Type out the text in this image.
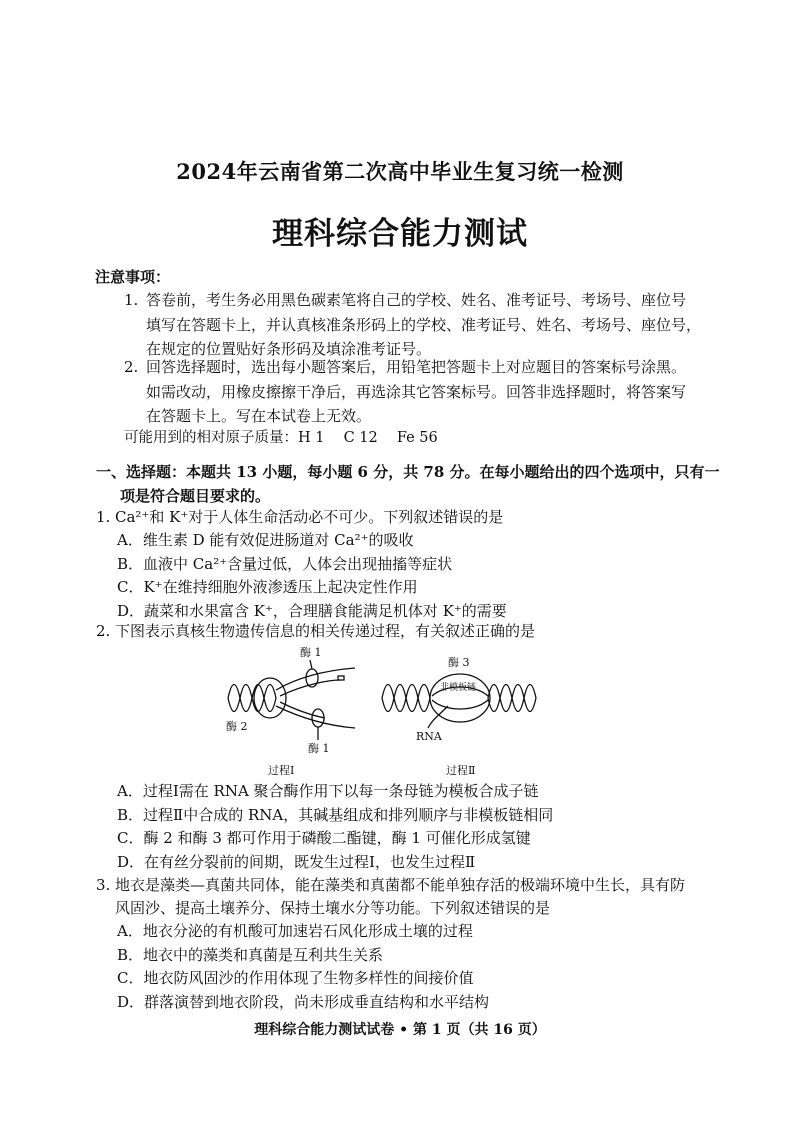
2024年云南省第二次高中毕业生复习统一检测
理科综合能力测试
注意事项：
1. 答卷前，考生务必用黑色碳素笔将自己的学校、姓名、准考证号、考场号、座位号
填写在答题卡上，并认真核准条形码上的学校、准考证号、姓名、考场号、座位号，
在规定的位置贴好条形码及填涂准考证号。
2. 回答选择题时，选出每小题答案后，用铅笔把答题卡上对应题目的答案标号涂黑。
如需改动，用橡皮擦擦干净后，再选涂其它答案标号。回答非选择题时，将答案写
在答题卡上。写在本试卷上无效。
可能用到的相对原子质量：H 1　 C 12　 Fe 56
一、选择题：本题共 13 小题，每小题 6 分，共 78 分。在每小题给出的四个选项中，只有一
项是符合题目要求的。
1. Ca²⁺和 K⁺对于人体生命活动必不可少。下列叙述错误的是
A．维生素 D 能有效促进肠道对 Ca²⁺的吸收
B．血液中 Ca²⁺含量过低，人体会出现抽搐等症状
C．K⁺在维持细胞外液渗透压上起决定性作用
D．蔬菜和水果富含 K⁺，合理膳食能满足机体对 K⁺的需要
2. 下图表示真核生物遗传信息的相关传递过程，有关叙述正确的是
酶 1
酶 2
酶 1
过程Ⅰ
酶 3
非模板链
RNA
过程Ⅱ
A．过程Ⅰ需在 RNA 聚合酶作用下以每一条母链为模板合成子链
B．过程Ⅱ中合成的 RNA，其碱基组成和排列顺序与非模板链相同
C．酶 2 和酶 3 都可作用于磷酸二酯键，酶 1 可催化形成氢键
D．在有丝分裂前的间期，既发生过程Ⅰ，也发生过程Ⅱ
3. 地衣是藻类—真菌共同体，能在藻类和真菌都不能单独存活的极端环境中生长，具有防
风固沙、提高土壤养分、保持土壤水分等功能。下列叙述错误的是
A．地衣分泌的有机酸可加速岩石风化形成土壤的过程
B．地衣中的藻类和真菌是互利共生关系
C．地衣防风固沙的作用体现了生物多样性的间接价值
D．群落演替到地衣阶段，尚未形成垂直结构和水平结构
理科综合能力测试试卷 • 第 1 页（共 16 页）
